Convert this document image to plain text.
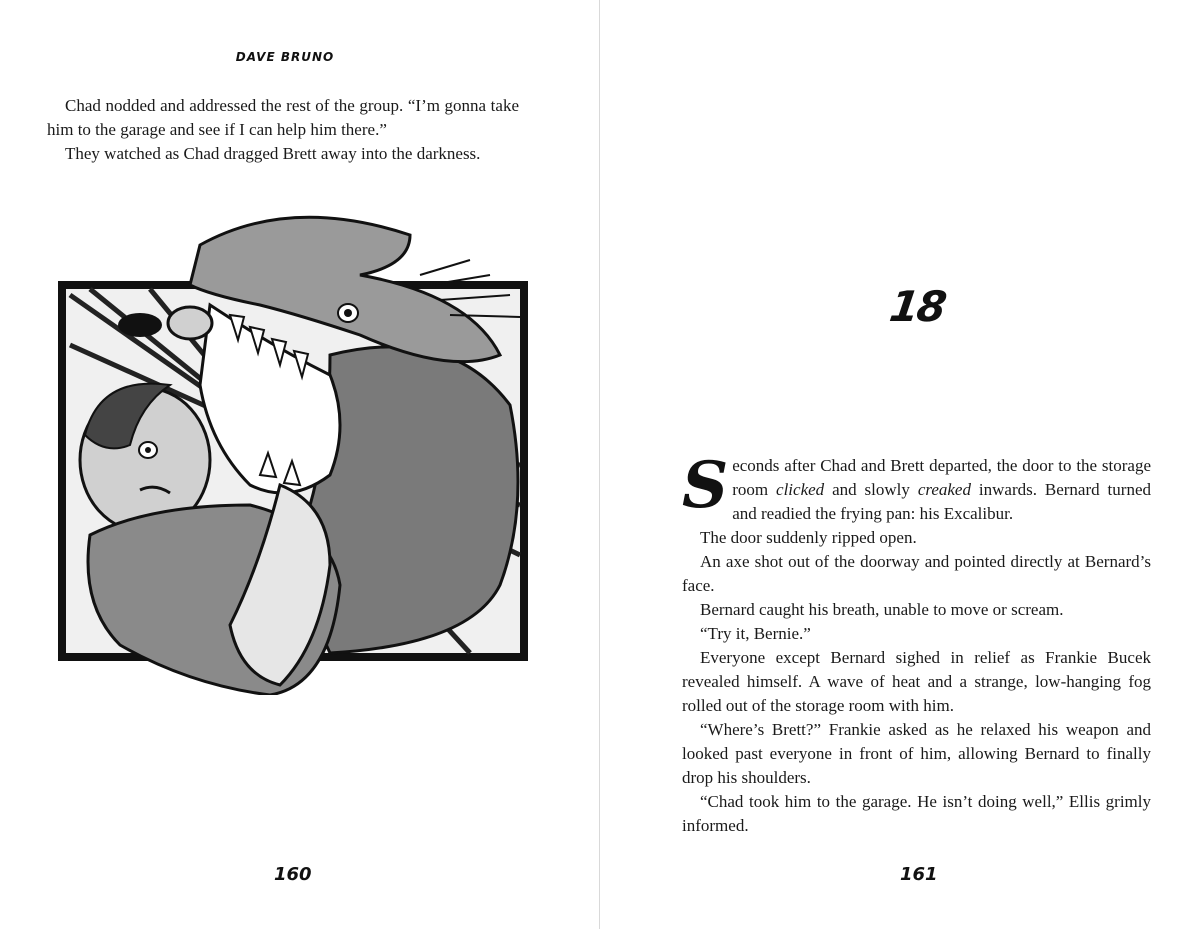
DAVE BRUNO

Chad nodded and addressed the rest of the group. “I’m gonna take him to the garage and see if I can help him there.”

They watched as Chad dragged Brett away into the darkness.

160
18

Seconds after Chad and Brett departed, the door to the storage room clicked and slowly creaked inwards. Bernard turned and readied the frying pan: his Excalibur.

The door suddenly ripped open.

An axe shot out of the doorway and pointed directly at Bernard’s face.

Bernard caught his breath, unable to move or scream.

“Try it, Bernie.”

Everyone except Bernard sighed in relief as Frankie Bucek revealed himself. A wave of heat and a strange, low-hanging fog rolled out of the storage room with him.

“Where’s Brett?” Frankie asked as he relaxed his weapon and looked past everyone in front of him, allowing Bernard to finally drop his shoulders.

“Chad took him to the garage. He isn’t doing well,” Ellis grimly informed.

161
